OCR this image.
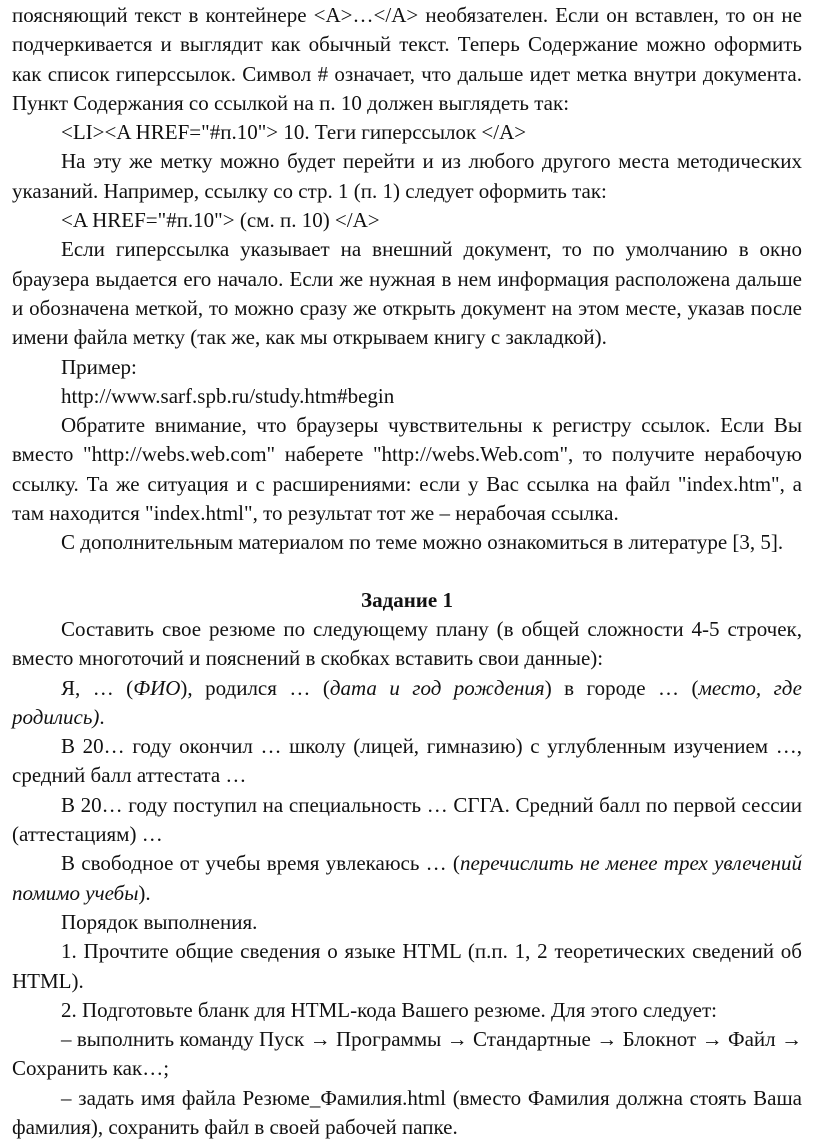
поясняющий текст в контейнере <A>…</A> необязателен. Если он вставлен, то он не подчеркивается и выглядит как обычный текст. Теперь Содержание можно оформить как список гиперссылок. Символ # означает, что дальше идет метка внутри документа. Пункт Содержания со ссылкой на п. 10 должен выглядеть так:

<LI><A HREF="#п.10"> 10. Теги гиперссылок </A>

На эту же метку можно будет перейти и из любого другого места методических указаний. Например, ссылку со стр. 1 (п. 1) следует оформить так:

<A HREF="#п.10"> (см. п. 10) </A>

Если гиперссылка указывает на внешний документ, то по умолчанию в окно браузера выдается его начало. Если же нужная в нем информация расположена дальше и обозначена меткой, то можно сразу же открыть документ на этом месте, указав после имени файла метку (так же, как мы открываем книгу с закладкой).

Пример:

http://www.sarf.spb.ru/study.htm#begin

Обратите внимание, что браузеры чувствительны к регистру ссылок. Если Вы вместо "http://webs.web.com" наберете "http://webs.Web.com", то получите нерабочую ссылку. Та же ситуация и с расширениями: если у Вас ссылка на файл "index.htm", а там находится "index.html", то результат тот же – нерабочая ссылка.

С дополнительным материалом по теме можно ознакомиться в литературе [3, 5].

Задание 1

Составить свое резюме по следующему плану (в общей сложности 4-5 строчек, вместо многоточий и пояснений в скобках вставить свои данные):

Я, … (ФИО), родился … (дата и год рождения) в городе … (место, где родились).

В 20… году окончил … школу (лицей, гимназию) с углубленным изучением …, средний балл аттестата …

В 20… году поступил на специальность … СГГА. Средний балл по первой сессии (аттестациям) …

В свободное от учебы время увлекаюсь … (перечислить не менее трех увлечений помимо учебы).

Порядок выполнения.

1. Прочтите общие сведения о языке HTML (п.п. 1, 2 теоретических сведений об HTML).

2. Подготовьте бланк для HTML-кода Вашего резюме. Для этого следует:

– выполнить команду Пуск → Программы → Стандартные → Блокнот → Файл → Сохранить как…;

– задать имя файла Резюме_Фамилия.html (вместо Фамилия должна стоять Ваша фамилия), сохранить файл в своей рабочей папке.
